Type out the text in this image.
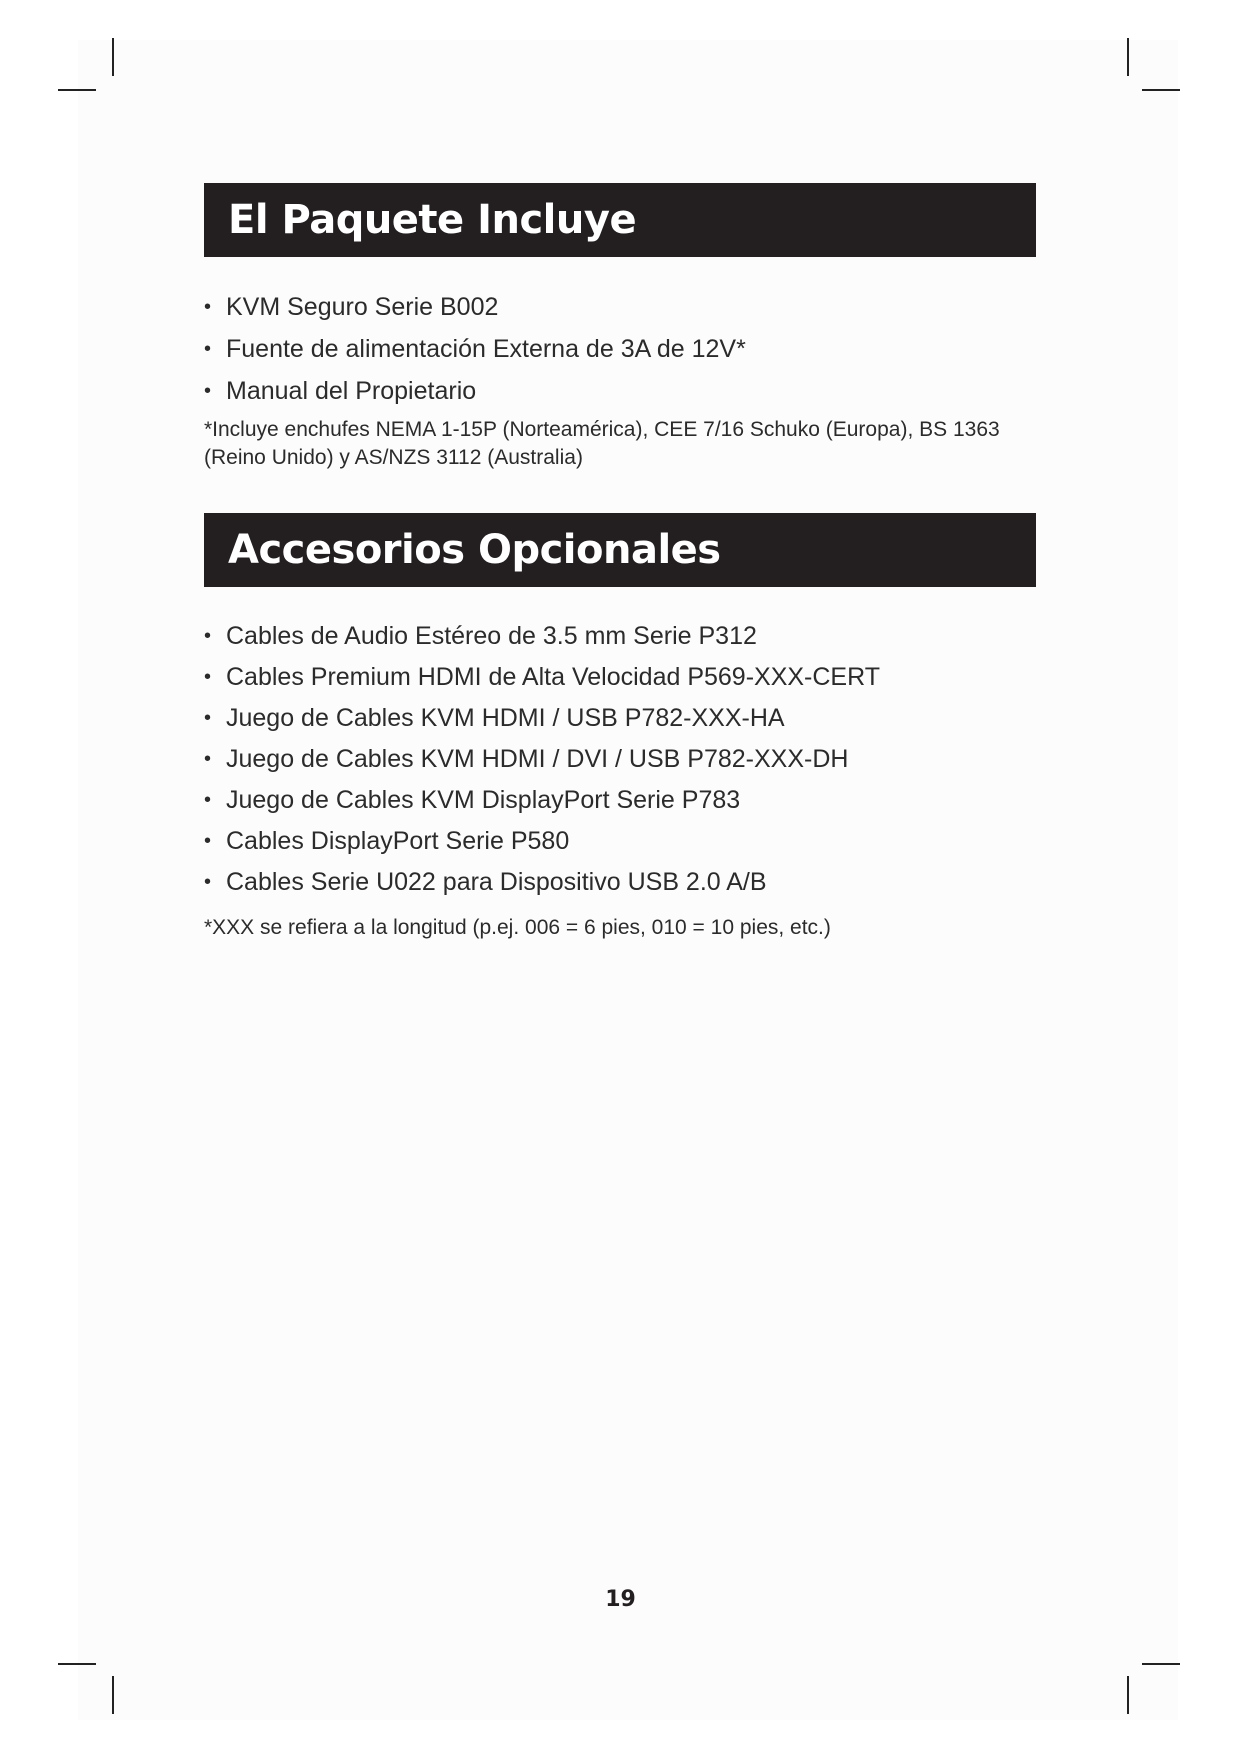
El Paquete Incluye
• KVM Seguro Serie B002
• Fuente de alimentación Externa de 3A de 12V*
• Manual del Propietario
*Incluye enchufes NEMA 1-15P (Norteamérica), CEE 7/16 Schuko (Europa), BS 1363 (Reino Unido) y AS/NZS 3112 (Australia)
Accesorios Opcionales
• Cables de Audio Estéreo de 3.5 mm Serie P312
• Cables Premium HDMI de Alta Velocidad P569-XXX-CERT
• Juego de Cables KVM HDMI / USB P782-XXX-HA
• Juego de Cables KVM HDMI / DVI / USB P782-XXX-DH
• Juego de Cables KVM DisplayPort Serie P783
• Cables DisplayPort Serie P580
• Cables Serie U022 para Dispositivo USB 2.0 A/B
*XXX se refiera a la longitud (p.ej. 006 = 6 pies, 010 = 10 pies, etc.)
19
